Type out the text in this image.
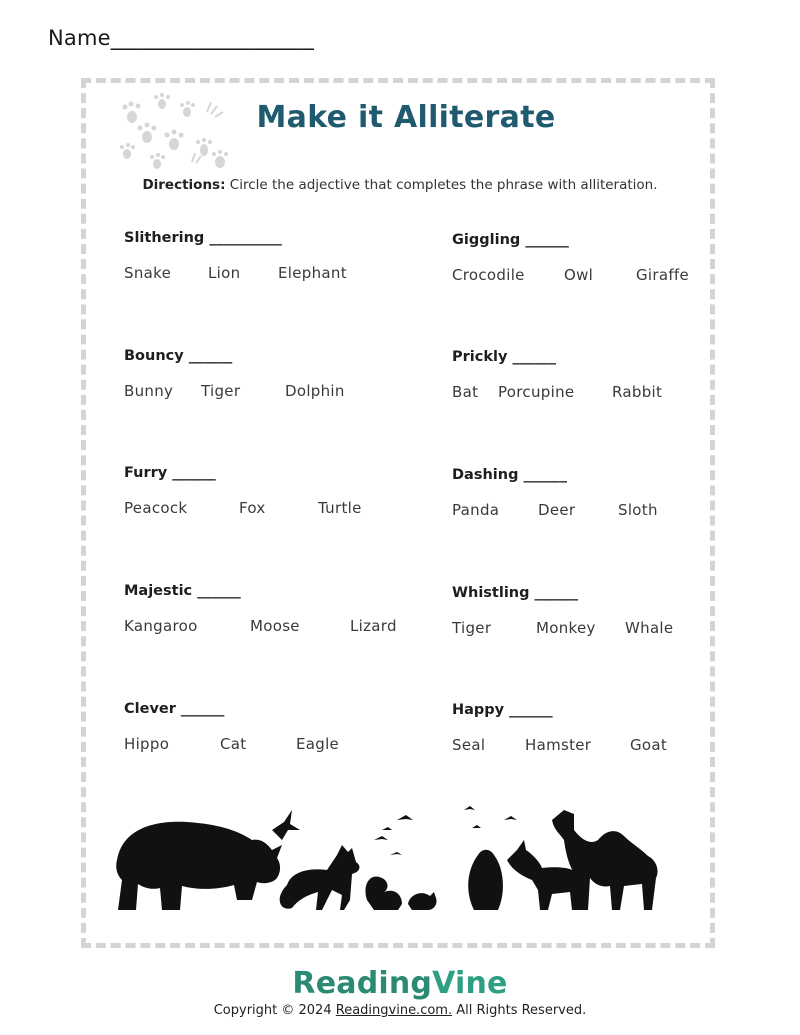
Name___________________
Make it Alliterate
Directions: Circle the adjective that completes the phrase with alliteration.
Slithering __________
Snake Lion	Elephant
Bouncy ______
Bunny Tiger	Dolphin
Furry ______
Peacock	Fox	Turtle
Majestic ______
Kangaroo	Moose	Lizard
Clever ______
Hippo	Cat	Eagle
Giggling ______
Crocodile	Owl	Giraffe
Prickly ______
Bat Porcupine	Rabbit
Dashing ______
Panda	Deer	Sloth
Whistling ______
Tiger	Monkey Whale
Happy ______
Seal	Hamster	Goat
ReadingVine
Copyright © 2024 Readingvine.com. All Rights Reserved.
